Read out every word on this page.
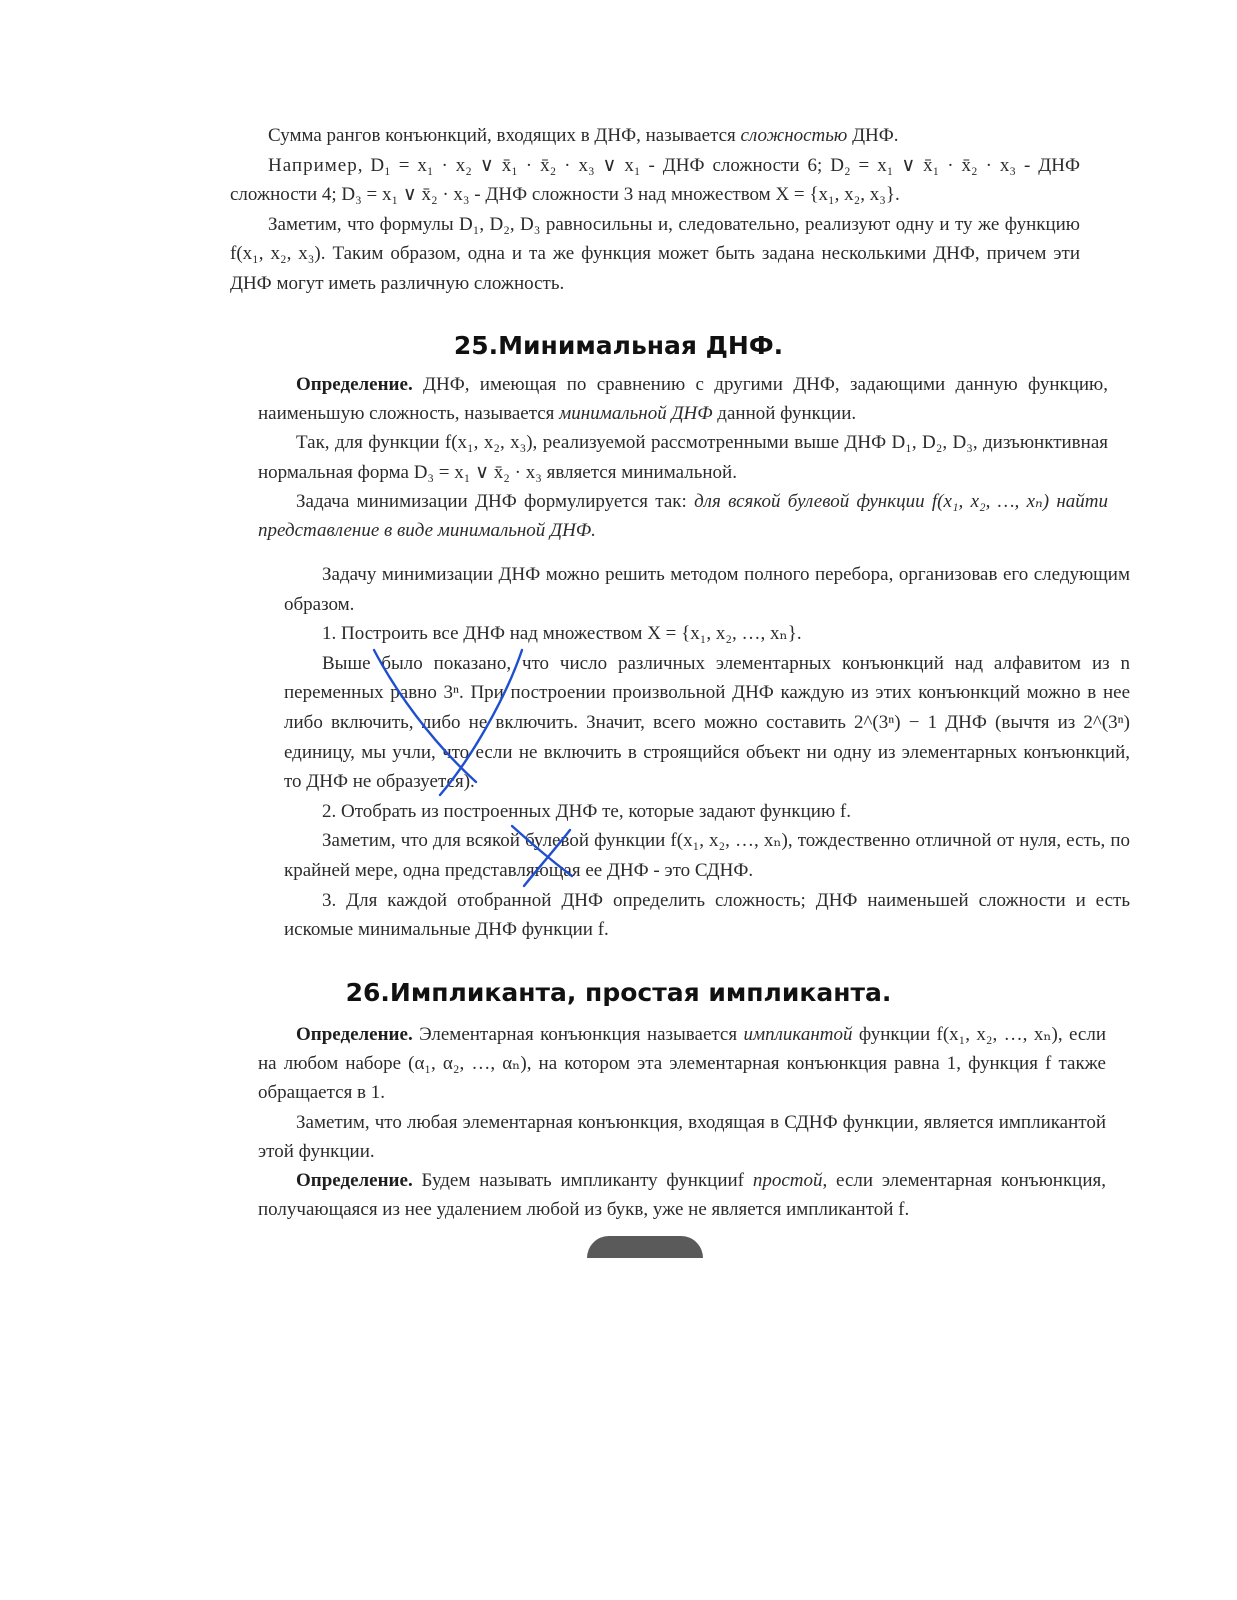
Сумма рангов конъюнкций, входящих в ДНФ, называется сложностью ДНФ.

Например, D₁ = x₁ · x₂ ∨ x̄₁ · x̄₂ · x₃ ∨ x₁ - ДНФ сложности 6; D₂ = x₁ ∨ x̄₁ · x̄₂ · x₃ - ДНФ сложности 4; D₃ = x₁ ∨ x̄₂ · x₃ - ДНФ сложности 3 над множеством X = {x₁, x₂, x₃}.

Заметим, что формулы D₁, D₂, D₃ равносильны и, следовательно, реализуют одну и ту же функцию f(x₁, x₂, x₃). Таким образом, одна и та же функция может быть задана несколькими ДНФ, причем эти ДНФ могут иметь различную сложность.

25.Минимальная ДНФ.

Определение. ДНФ, имеющая по сравнению с другими ДНФ, задающими данную функцию, наименьшую сложность, называется минимальной ДНФ данной функции.

Так, для функции f(x₁, x₂, x₃), реализуемой рассмотренными выше ДНФ D₁, D₂, D₃, дизъюнктивная нормальная форма D₃ = x₁ ∨ x̄₂ · x₃ является минимальной.

Задача минимизации ДНФ формулируется так: для всякой булевой функции f(x₁, x₂, …, xₙ) найти представление в виде минимальной ДНФ.

Задачу минимизации ДНФ можно решить методом полного перебора, организовав его следующим образом.

1. Построить все ДНФ над множеством X = {x₁, x₂, …, xₙ}.

Выше было показано, что число различных элементарных конъюнкций над алфавитом из n переменных равно 3ⁿ. При построении произвольной ДНФ каждую из этих конъюнкций можно в нее либо включить, либо не включить. Значит, всего можно составить 2^(3ⁿ) − 1 ДНФ (вычтя из 2^(3ⁿ) единицу, мы учли, что если не включить в строящийся объект ни одну из элементарных конъюнкций, то ДНФ не образуется).

2. Отобрать из построенных ДНФ те, которые задают функцию f.

Заметим, что для всякой булевой функции f(x₁, x₂, …, xₙ), тождественно отличной от нуля, есть, по крайней мере, одна представляющая ее ДНФ - это СДНФ.

3. Для каждой отобранной ДНФ определить сложность; ДНФ наименьшей сложности и есть искомые минимальные ДНФ функции f.

26.Импликанта, простая импликанта.

Определение. Элементарная конъюнкция называется импликантой функции f(x₁, x₂, …, xₙ), если на любом наборе (α₁, α₂, …, αₙ), на котором эта элементарная конъюнкция равна 1, функция f также обращается в 1.

Заметим, что любая элементарная конъюнкция, входящая в СДНФ функции, является импликантой этой функции.

Определение. Будем называть импликанту функцииf простой, если элементарная конъюнкция, получающаяся из нее удалением любой из букв, уже не является импликантой f.
